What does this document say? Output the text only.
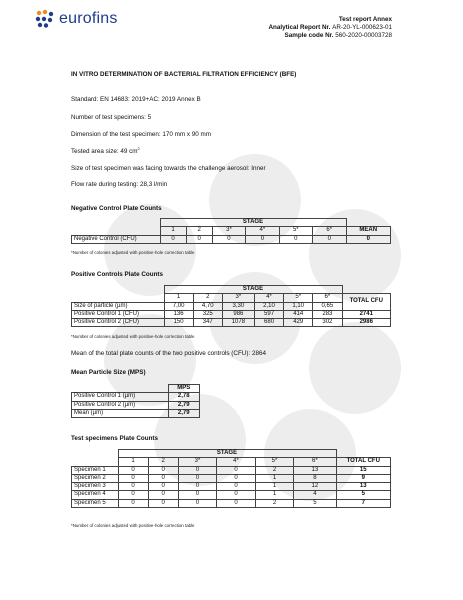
eurofins	Test report Annex
Analytical Report Nr. AR-20-YL-000623-01
Sample code Nr. 560-2020-00003728
IN VITRO DETERMINATION OF BACTERIAL FILTRATION EFFICIENCY (BFE)
Standard: EN 14683: 2019+AC: 2019 Annex B
Number of test specimens: 5
Dimension of the test specimen: 170 mm x 90 mm
Tested area size: 49 $cm^2$
Size of test specimen was facing towards the challenge aerosol: Inner
Flow rate during testing: 28,3 l/min
Negative Control Plate Counts
	STAGE						
	1	2	3*	4*	5*	6*	MEAN
Negative Control (CFU)	0	0	0	0	0	0	0
*Number of colonies adjusted with positive-hole correction table
Positive Controls Plate Counts
	STAGE						
	1	2	3*	4*	5*	6*	TOTAL CFU
Size of particle (µm)	7,00	4,70	3,30	2,10	1,10	0,65	
Positive Control 1 (CFU)	136	325	986	597	414	283	2741
Positive Control 2 (CFU)	150	347	1078	680	429	302	2986
*Number of colonies adjusted with positive-hole correction table
Mean of the total plate counts of the two positive controls (CFU): 2864
Mean Particle Size (MPS)
	MPS
Positive Control 1 (µm)	2,78
Positive Control 2 (µm)	2,79
Mean (µm)	2,79
Test specimens Plate Counts
	STAGE						
	1	2	3*	4*	5*	6*	TOTAL CFU
Specimen 1	0	0	0	0	2	13	15
Specimen 2	0	0	0	0	1	8	9
Specimen 3	0	0	0	0	1	12	13
Specimen 4	0	0	0	0	1	4	5
Specimen 5	0	0	0	0	2	5	7
*Number of colonies adjusted with positive-hole correction table
